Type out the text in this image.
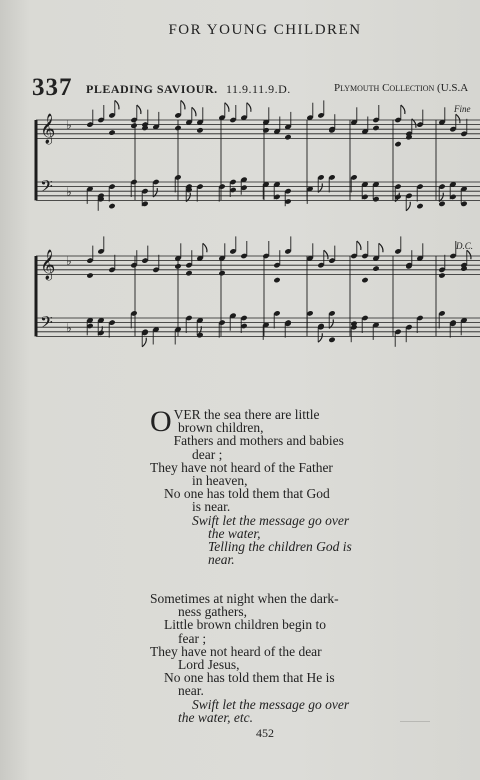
FOR YOUNG CHILDREN
337 PLEADING SAVIOUR. 11.9.11.9.D.	Plymouth Collection (U.S.A
Fine
D.C.
𝄞 ♭
𝄢 ♭
𝄞 ♭
𝄢 ♭
O VER the sea there are little
brown children,
Fathers and mothers and babies
dear ;
They have not heard of the Father
in heaven,
No one has told them that God
is near.
Swift let the message go over
the water,
Telling the children God is
near.
Sometimes at night when the dark-
ness gathers,
Little brown children begin to
fear ;
They have not heard of the dear
Lord Jesus,
No one has told them that He is
near.
Swift let the message go over
the water, etc.
452
